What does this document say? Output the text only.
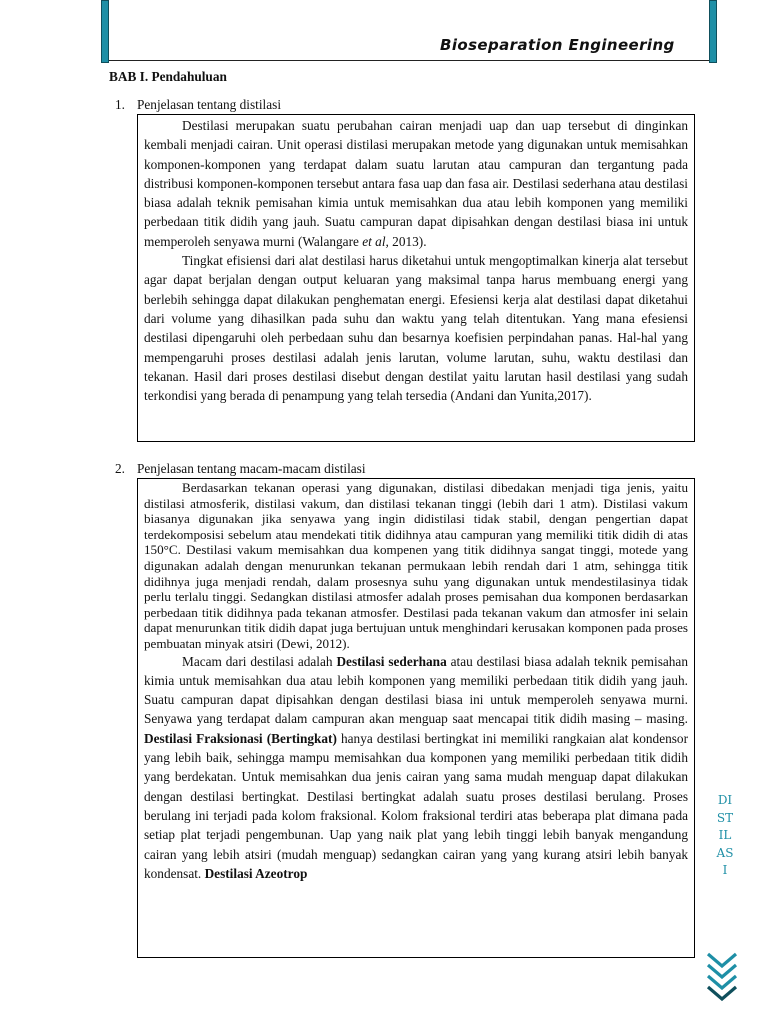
Bioseparation Engineering
BAB I. Pendahuluan
1. Penjelasan tentang distilasi

Destilasi merupakan suatu perubahan cairan menjadi uap dan uap tersebut di dinginkan kembali menjadi cairan. Unit operasi distilasi merupakan metode yang digunakan untuk memisahkan komponen-komponen yang terdapat dalam suatu larutan atau campuran dan tergantung pada distribusi komponen-komponen tersebut antara fasa uap dan fasa air. Destilasi sederhana atau destilasi biasa adalah teknik pemisahan kimia untuk memisahkan dua atau lebih komponen yang memiliki perbedaan titik didih yang jauh. Suatu campuran dapat dipisahkan dengan destilasi biasa ini untuk memperoleh senyawa murni (Walangare et al, 2013).

Tingkat efisiensi dari alat destilasi harus diketahui untuk mengoptimalkan kinerja alat tersebut agar dapat berjalan dengan output keluaran yang maksimal tanpa harus membuang energi yang berlebih sehingga dapat dilakukan penghematan energi. Efesiensi kerja alat destilasi dapat diketahui dari volume yang dihasilkan pada suhu dan waktu yang telah ditentukan. Yang mana efesiensi destilasi dipengaruhi oleh perbedaan suhu dan besarnya koefisien perpindahan panas. Hal-hal yang mempengaruhi proses destilasi adalah jenis larutan, volume larutan, suhu, waktu destilasi dan tekanan. Hasil dari proses destilasi disebut dengan destilat yaitu larutan hasil destilasi yang sudah terkondisi yang berada di penampung yang telah tersedia (Andani dan Yunita,2017).

2. Penjelasan tentang macam-macam distilasi

Berdasarkan tekanan operasi yang digunakan, distilasi dibedakan menjadi tiga jenis, yaitu distilasi atmosferik, distilasi vakum, dan distilasi tekanan tinggi (lebih dari 1 atm). Distilasi vakum biasanya digunakan jika senyawa yang ingin didistilasi tidak stabil, dengan pengertian dapat terdekomposisi sebelum atau mendekati titik didihnya atau campuran yang memiliki titik didih di atas 150°C. Destilasi vakum memisahkan dua kompenen yang titik didihnya sangat tinggi, motede yang digunakan adalah dengan menurunkan tekanan permukaan lebih rendah dari 1 atm, sehingga titik didihnya juga menjadi rendah, dalam prosesnya suhu yang digunakan untuk mendestilasinya tidak perlu terlalu tinggi. Sedangkan distilasi atmosfer adalah proses pemisahan dua komponen berdasarkan perbedaan titik didihnya pada tekanan atmosfer. Destilasi pada tekanan vakum dan atmosfer ini selain dapat menurunkan titik didih dapat juga bertujuan untuk menghindari kerusakan komponen pada proses pembuatan minyak atsiri (Dewi, 2012).

Macam dari destilasi adalah Destilasi sederhana atau destilasi biasa adalah teknik pemisahan kimia untuk memisahkan dua atau lebih komponen yang memiliki perbedaan titik didih yang jauh. Suatu campuran dapat dipisahkan dengan destilasi biasa ini untuk memperoleh senyawa murni. Senyawa yang terdapat dalam campuran akan menguap saat mencapai titik didih masing – masing. Destilasi Fraksionasi (Bertingkat) hanya destilasi bertingkat ini memiliki rangkaian alat kondensor yang lebih baik, sehingga mampu memisahkan dua komponen yang memiliki perbedaan titik didih yang berdekatan. Untuk memisahkan dua jenis cairan yang sama mudah menguap dapat dilakukan dengan destilasi bertingkat. Destilasi bertingkat adalah suatu proses destilasi berulang. Proses berulang ini terjadi pada kolom fraksional. Kolom fraksional terdiri atas beberapa plat dimana pada setiap plat terjadi pengembunan. Uap yang naik plat yang lebih tinggi lebih banyak mengandung cairan yang lebih atsiri (mudah menguap) sedangkan cairan yang yang kurang atsiri lebih banyak kondensat. Destilasi Azeotrop

DISTILASI
